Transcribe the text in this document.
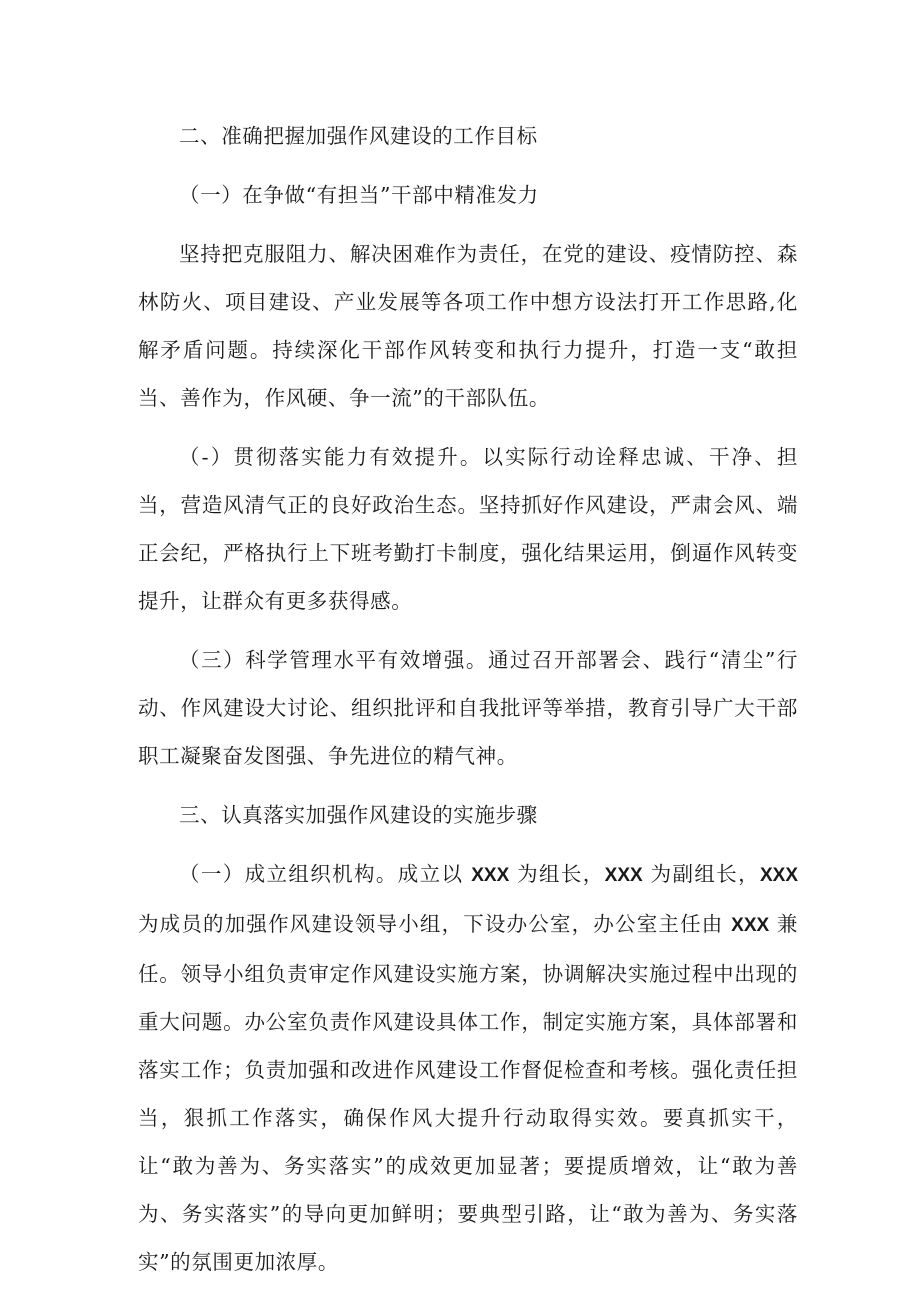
二、准确把握加强作风建设的工作目标

（一）在争做“有担当”干部中精准发力

坚持把克服阻力、解决困难作为责任，在党的建设、疫情防控、森林防火、项目建设、产业发展等各项工作中想方设法打开工作思路,化解矛盾问题。持续深化干部作风转变和执行力提升，打造一支“敢担当、善作为，作风硬、争一流”的干部队伍。

（-）贯彻落实能力有效提升。以实际行动诠释忠诚、干净、担当，营造风清气正的良好政治生态。坚持抓好作风建设，严肃会风、端正会纪，严格执行上下班考勤打卡制度，强化结果运用，倒逼作风转变提升，让群众有更多获得感。

（三）科学管理水平有效增强。通过召开部署会、践行“清尘”行动、作风建设大讨论、组织批评和自我批评等举措，教育引导广大干部职工凝聚奋发图强、争先进位的精气神。

三、认真落实加强作风建设的实施步骤

（一）成立组织机构。成立以 XXX 为组长，XXX 为副组长，XXX 为成员的加强作风建设领导小组，下设办公室，办公室主任由 XXX 兼任。领导小组负责审定作风建设实施方案，协调解决实施过程中出现的重大问题。办公室负责作风建设具体工作，制定实施方案，具体部署和落实工作；负责加强和改进作风建设工作督促检查和考核。强化责任担当，狠抓工作落实，确保作风大提升行动取得实效。要真抓实干，让“敢为善为、务实落实”的成效更加显著；要提质增效，让“敢为善为、务实落实”的导向更加鲜明；要典型引路，让“敢为善为、务实落实”的氛围更加浓厚。
